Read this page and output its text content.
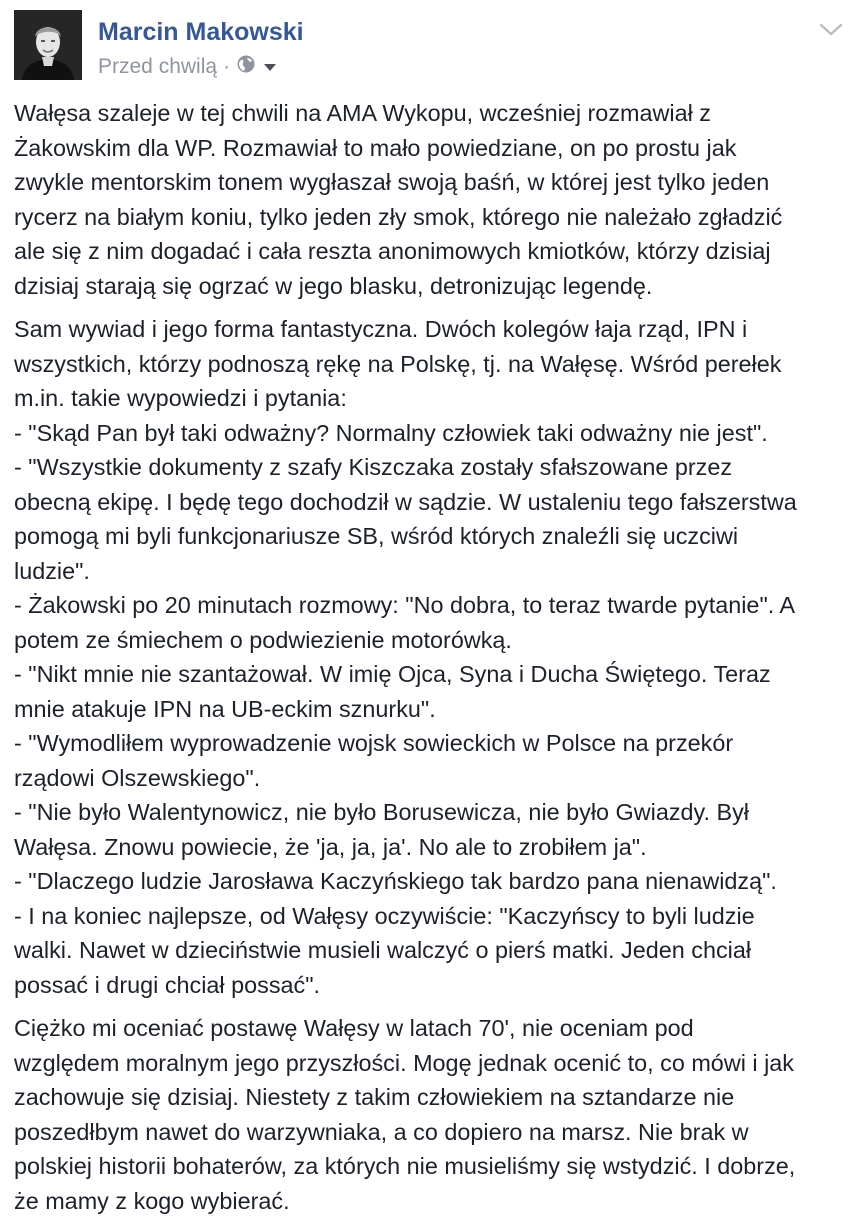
Marcin Makowski
Przed chwilą ·

Wałęsa szaleje w tej chwili na AMA Wykopu, wcześniej rozmawiał z
Żakowskim dla WP. Rozmawiał to mało powiedziane, on po prostu jak
zwykle mentorskim tonem wygłaszał swoją baśń, w której jest tylko jeden
rycerz na białym koniu, tylko jeden zły smok, którego nie należało zgładzić
ale się z nim dogadać i cała reszta anonimowych kmiotków, którzy dzisiaj
dzisiaj starają się ogrzać w jego blasku, detronizując legendę.

Sam wywiad i jego forma fantastyczna. Dwóch kolegów łaja rząd, IPN i
wszystkich, którzy podnoszą rękę na Polskę, tj. na Wałęsę. Wśród perełek
m.in. takie wypowiedzi i pytania:
- "Skąd Pan był taki odważny? Normalny człowiek taki odważny nie jest".
- "Wszystkie dokumenty z szafy Kiszczaka zostały sfałszowane przez
obecną ekipę. I będę tego dochodził w sądzie. W ustaleniu tego fałszerstwa
pomogą mi byli funkcjonariusze SB, wśród których znaleźli się uczciwi
ludzie".
- Żakowski po 20 minutach rozmowy: "No dobra, to teraz twarde pytanie". A
potem ze śmiechem o podwiezienie motorówką.
- "Nikt mnie nie szantażował. W imię Ojca, Syna i Ducha Świętego. Teraz
mnie atakuje IPN na UB-eckim sznurku".
- "Wymodliłem wyprowadzenie wojsk sowieckich w Polsce na przekór
rządowi Olszewskiego".
- "Nie było Walentynowicz, nie było Borusewicza, nie było Gwiazdy. Był
Wałęsa. Znowu powiecie, że 'ja, ja, ja'. No ale to zrobiłem ja".
- "Dlaczego ludzie Jarosława Kaczyńskiego tak bardzo pana nienawidzą".
- I na koniec najlepsze, od Wałęsy oczywiście: "Kaczyńscy to byli ludzie
walki. Nawet w dzieciństwie musieli walczyć o pierś matki. Jeden chciał
possać i drugi chciał possać".

Ciężko mi oceniać postawę Wałęsy w latach 70', nie oceniam pod
względem moralnym jego przyszłości. Mogę jednak ocenić to, co mówi i jak
zachowuje się dzisiaj. Niestety z takim człowiekiem na sztandarze nie
poszedłbym nawet do warzywniaka, a co dopiero na marsz. Nie brak w
polskiej historii bohaterów, za których nie musieliśmy się wstydzić. I dobrze,
że mamy z kogo wybierać.
